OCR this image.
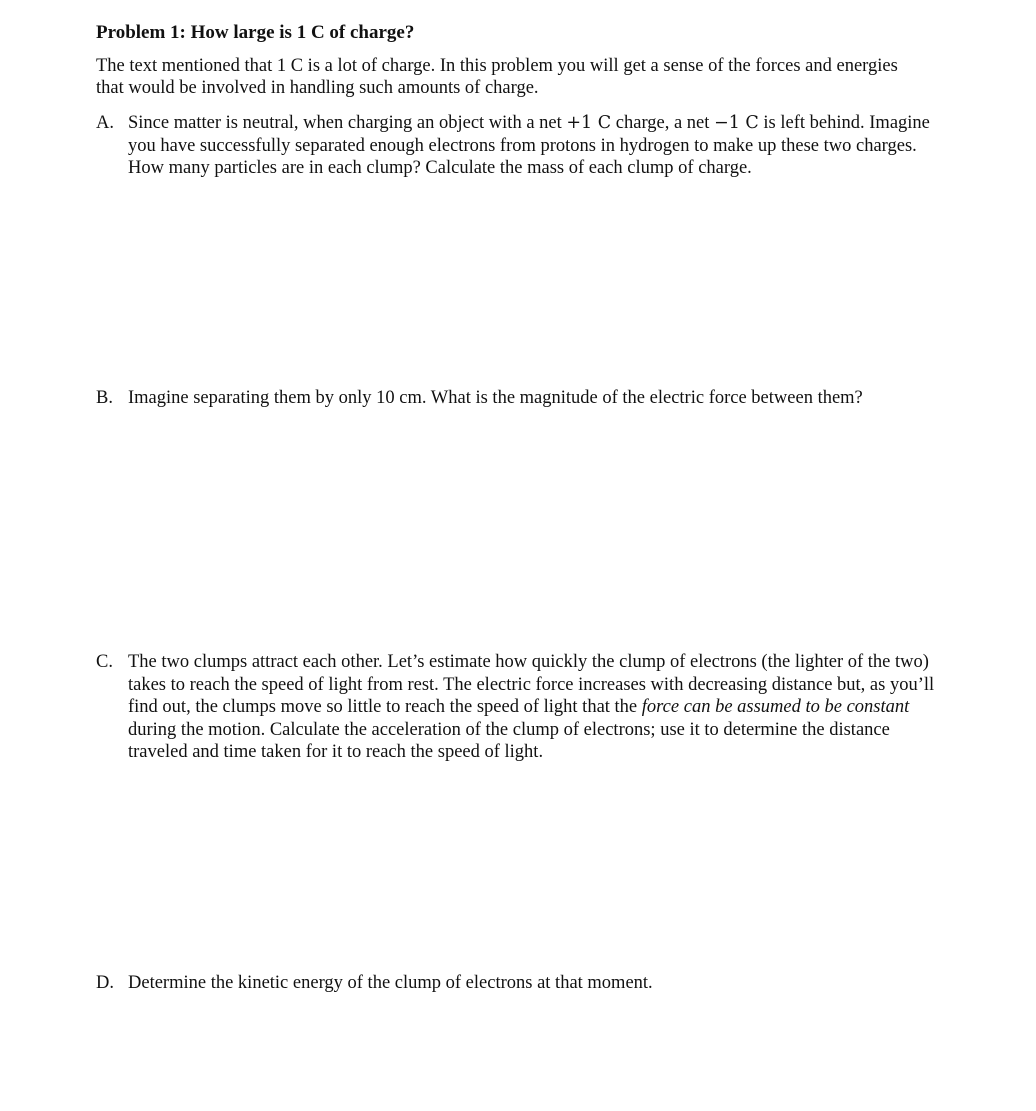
Problem 1: How large is 1 C of charge?
The text mentioned that 1 C is a lot of charge. In this problem you will get a sense of the forces and energies that would be involved in handling such amounts of charge.
A. Since matter is neutral, when charging an object with a net +1 C charge, a net −1 C is left behind. Imagine you have successfully separated enough electrons from protons in hydrogen to make up these two charges. How many particles are in each clump? Calculate the mass of each clump of charge.
B. Imagine separating them by only 10 cm. What is the magnitude of the electric force between them?
C. The two clumps attract each other. Let’s estimate how quickly the clump of electrons (the lighter of the two) takes to reach the speed of light from rest. The electric force increases with decreasing distance but, as you’ll find out, the clumps move so little to reach the speed of light that the force can be assumed to be constant during the motion. Calculate the acceleration of the clump of electrons; use it to determine the distance traveled and time taken for it to reach the speed of light.
D. Determine the kinetic energy of the clump of electrons at that moment.
